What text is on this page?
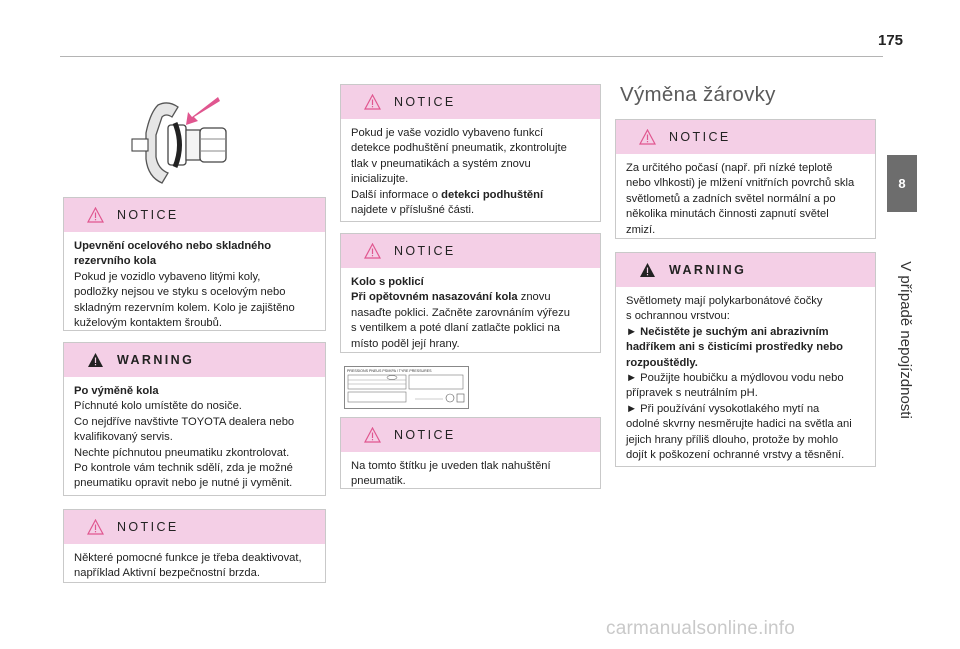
175
8
V případě nepojízdnosti
NOTICE

Upevnění ocelového nebo skladného

rezervního kola

Pokud je vozidlo vybaveno litými koly,

podložky nejsou ve styku s ocelovým nebo

skladným rezervním kolem. Kolo je zajištěno

kuželovým kontaktem šroubů.

WARNING

Po výměně kola

Píchnuté kolo umístěte do nosiče.

Co nejdříve navštivte TOYOTA dealera nebo

kvalifikovaný servis.

Nechte píchnutou pneumatiku zkontrolovat.

Po kontrole vám technik sdělí, zda je možné

pneumatiku opravit nebo je nutné ji vyměnit.

NOTICE

Některé pomocné funkce je třeba deaktivovat,

například Aktivní bezpečnostní brzda.

NOTICE

Pokud je vaše vozidlo vybaveno funkcí

detekce podhuštění pneumatik, zkontrolujte

tlak v pneumatikách a systém znovu

inicializujte.

Další informace o detekci podhuštění

najdete v příslušné části.

NOTICE

Kolo s poklicí

Při opětovném nasazování kola znovu

nasaďte poklici. Začněte zarovnáním výřezu

s ventilkem a poté dlaní zatlačte poklici na

místo poděl její hrany.

PRESSIONS PNEUS PSI/KPA / TYRE PRESSURES
NOTICE

Na tomto štítku je uveden tlak nahuštění

pneumatik.

Výměna žárovky
NOTICE

Za určitého počasí (např. při nízké teplotě

nebo vlhkosti) je mlžení vnitřních povrchů skla

světlometů a zadních světel normální a po

několika minutách činnosti zapnutí světel

zmizí.

WARNING

Světlomety mají polykarbonátové čočky

s ochrannou vrstvou:

► Nečistěte je suchým ani abrazivním

hadříkem ani s čisticími prostředky nebo

rozpouštědly.

► Použijte houbičku a mýdlovou vodu nebo

přípravek s neutrálním pH.

► Při používání vysokotlakého mytí na

odolné skvrny nesměrujte hadici na světla ani

jejich hrany příliš dlouho, protože by mohlo

dojít k poškození ochranné vrstvy a těsnění.

carmanualsonline.info
